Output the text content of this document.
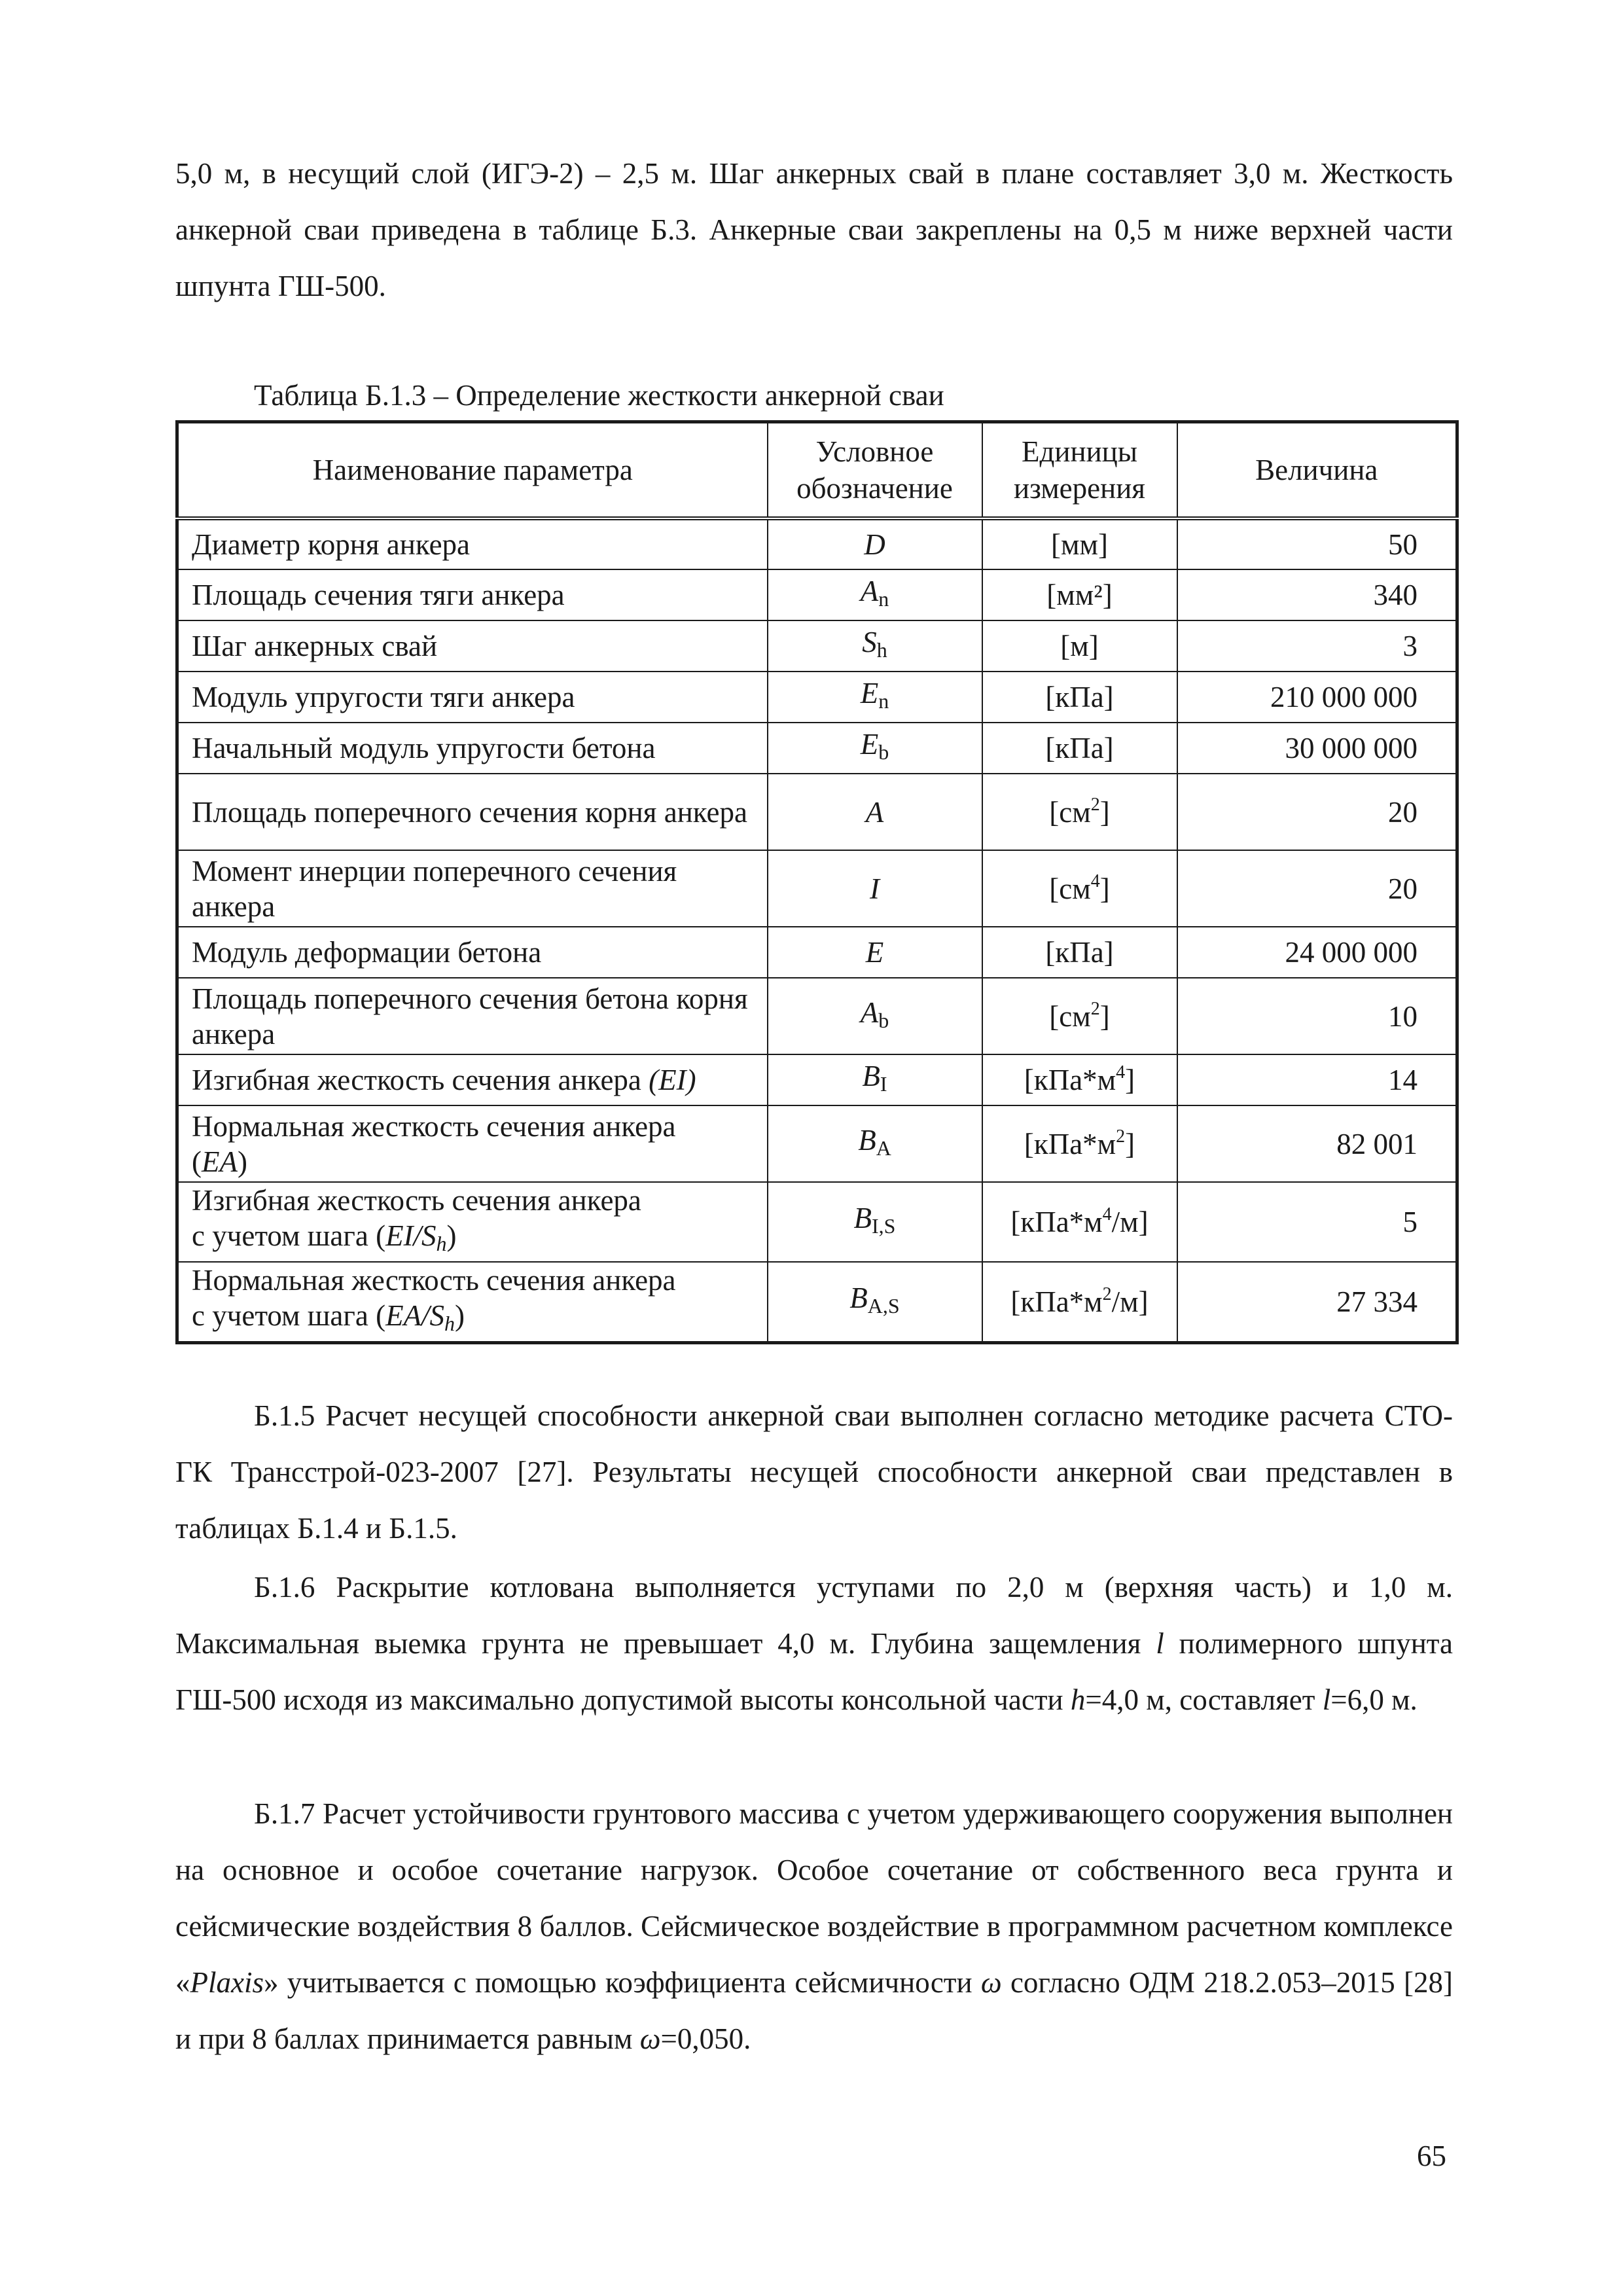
5,0 м, в несущий слой (ИГЭ-2) – 2,5 м. Шаг анкерных свай в плане составляет 3,0 м. Жесткость анкерной сваи приведена в таблице Б.3. Анкерные сваи закреплены на 0,5 м ниже верхней части шпунта ГШ-500.

Таблица Б.1.3 – Определение жесткости анкерной сваи

Наименование параметра	Условное обозначение	Единицы измерения	Величина
Диаметр корня анкера	D	[мм]	50
Площадь сечения тяги анкера	$A_n$	[мм²]	340
Шаг анкерных свай	$S_h$	[м]	3
Модуль упругости тяги анкера	$E_n$	[кПа]	210 000 000
Начальный модуль упругости бетона	$E_b$	[кПа]	30 000 000
Площадь поперечного сечения корня анкера	A	$[см^2]$	20
Момент инерции поперечного сечения анкера	I	$[см^4]$	20
Модуль деформации бетона	E	[кПа]	24 000 000
Площадь поперечного сечения бетона корня анкера	$A_b$	$[см^2]$	10
Изгибная жесткость сечения анкера (EI)	$B_I$	$[кПа*м^4]$	14
Нормальная жесткость сечения анкера
(EA)	$B_A$	$[кПа*м^2]$	82 001
Изгибная жесткость сечения анкера
с учетом шага $(EI/S_h)$	$B_{I,S}$	$[кПа*м^4/м]$	5
Нормальная жесткость сечения анкера
с учетом шага $(EA/S_h)$	$B_{A,S}$	$[кПа*м^2/м]$	27 334

Б.1.5 Расчет несущей способности анкерной сваи выполнен согласно методике расчета СТО-ГК Трансстрой-023-2007 [27]. Результаты несущей способности анкерной сваи представлен в таблицах Б.1.4 и Б.1.5.

Б.1.6 Раскрытие котлована выполняется уступами по 2,0 м (верхняя часть) и 1,0 м. Максимальная выемка грунта не превышает 4,0 м. Глубина защемления l полимерного шпунта ГШ-500 исходя из максимально допустимой высоты консольной части h=4,0 м, составляет l=6,0 м.

Б.1.7 Расчет устойчивости грунтового массива с учетом удерживающего сооружения выполнен на основное и особое сочетание нагрузок. Особое сочетание от собственного веса грунта и сейсмические воздействия 8 баллов. Сейсмическое воздействие в программном расчетном комплексе «Plaxis» учитывается с помощью коэффициента сейсмичности ω согласно ОДМ 218.2.053–2015 [28] и при 8 баллах принимается равным ω=0,050.

65
